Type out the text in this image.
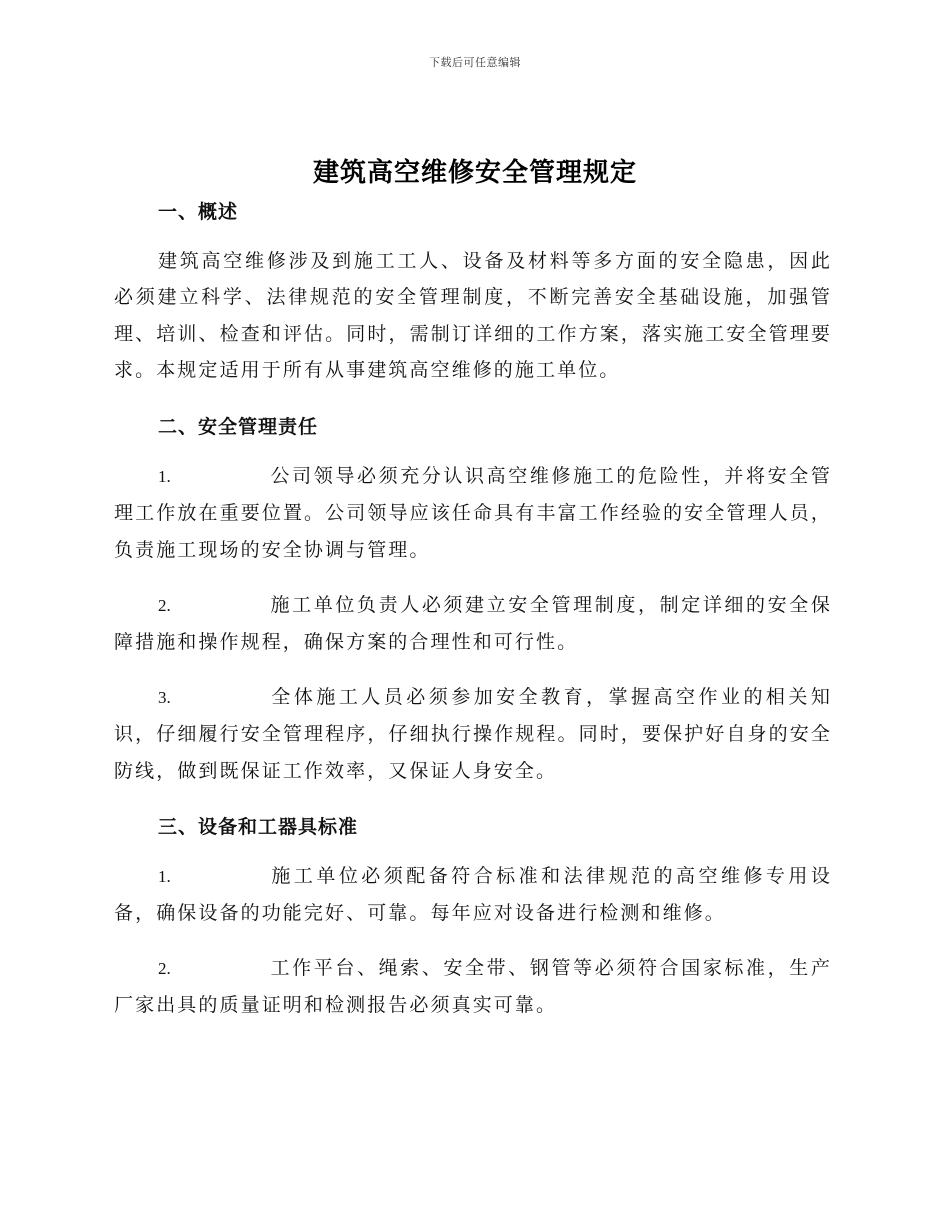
下载后可任意编辑
建筑高空维修安全管理规定
一、概述

建筑高空维修涉及到施工工人、设备及材料等多方面的安全隐患，因此必须建立科学、法律规范的安全管理制度，不断完善安全基础设施，加强管理、培训、检查和评估。同时，需制订详细的工作方案，落实施工安全管理要求。本规定适用于所有从事建筑高空维修的施工单位。

二、安全管理责任

1.	公司领导必须充分认识高空维修施工的危险性，并将安全管理工作放在重要位置。公司领导应该任命具有丰富工作经验的安全管理人员，负责施工现场的安全协调与管理。

2.	施工单位负责人必须建立安全管理制度，制定详细的安全保障措施和操作规程，确保方案的合理性和可行性。

3.	全体施工人员必须参加安全教育，掌握高空作业的相关知识，仔细履行安全管理程序，仔细执行操作规程。同时，要保护好自身的安全防线，做到既保证工作效率，又保证人身安全。

三、设备和工器具标准

1.	施工单位必须配备符合标准和法律规范的高空维修专用设备，确保设备的功能完好、可靠。每年应对设备进行检测和维修。

2.	工作平台、绳索、安全带、钢管等必须符合国家标准，生产厂家出具的质量证明和检测报告必须真实可靠。
